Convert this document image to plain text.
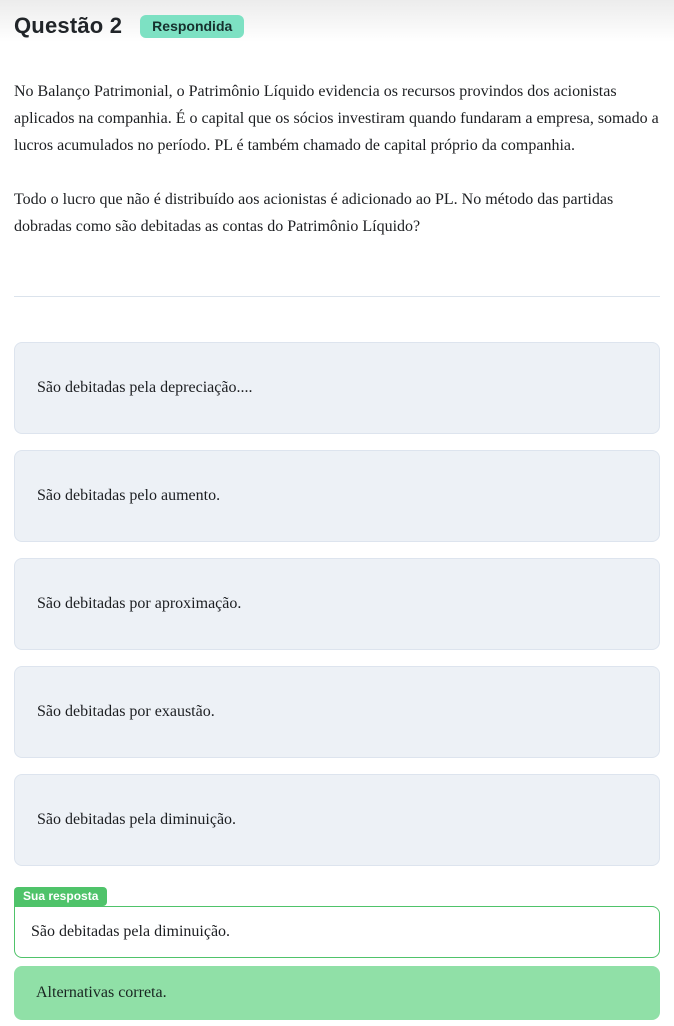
Questão 2	Respondida

No Balanço Patrimonial, o Patrimônio Líquido evidencia os recursos provindos dos acionistas aplicados na companhia. É o capital que os sócios investiram quando fundaram a empresa, somado a lucros acumulados no período. PL é também chamado de capital próprio da companhia.

Todo o lucro que não é distribuído aos acionistas é adicionado ao PL. No método das partidas dobradas como são debitadas as contas do Patrimônio Líquido?

São debitadas pela depreciação....
São debitadas pelo aumento.
São debitadas por aproximação.
São debitadas por exaustão.
São debitadas pela diminuição.
Sua resposta
São debitadas pela diminuição.
Alternativas correta.
